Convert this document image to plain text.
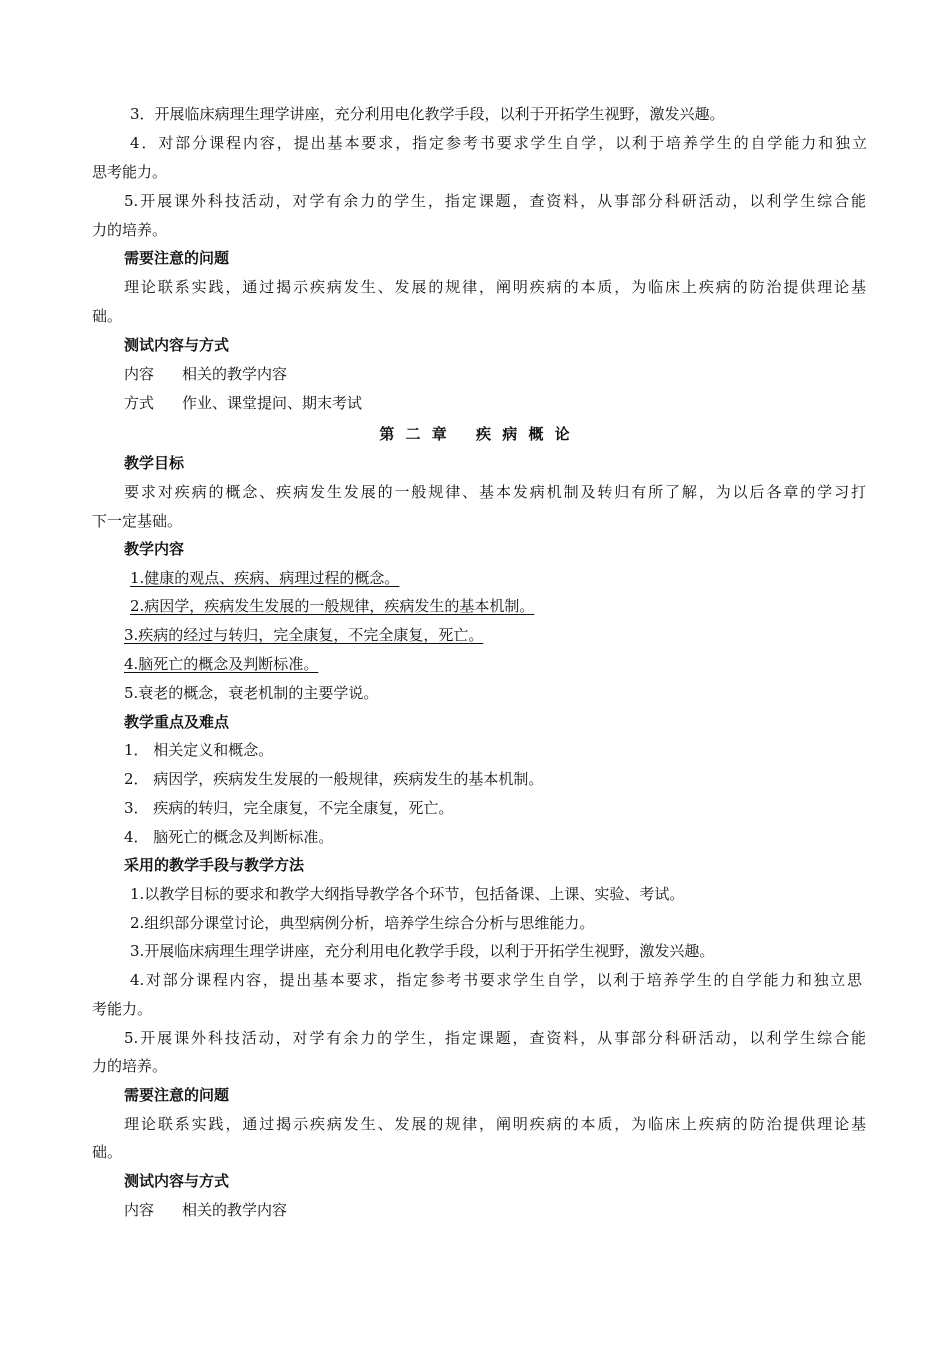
3．开展临床病理生理学讲座，充分利用电化教学手段，以利于开拓学生视野，激发兴趣。
4．对部分课程内容，提出基本要求，指定参考书要求学生自学，以利于培养学生的自学能力和独立
思考能力。
5.开展课外科技活动，对学有余力的学生，指定课题，查资料，从事部分科研活动，以利学生综合能
力的培养。
需要注意的问题
理论联系实践，通过揭示疾病发生、发展的规律，阐明疾病的本质，为临床上疾病的防治提供理论基
础。
测试内容与方式
内容 相关的教学内容
方式 作业、课堂提问、期末考试
第 二 章　 疾 病 概 论
教学目标
要求对疾病的概念、疾病发生发展的一般规律、基本发病机制及转归有所了解，为以后各章的学习打
下一定基础。
教学内容
1.健康的观点、疾病、病理过程的概念。
2.病因学，疾病发生发展的一般规律，疾病发生的基本机制。
3.疾病的经过与转归，完全康复，不完全康复，死亡。
4.脑死亡的概念及判断标准。
5.衰老的概念，衰老机制的主要学说。
教学重点及难点
1． 相关定义和概念。
2． 病因学，疾病发生发展的一般规律，疾病发生的基本机制。
3． 疾病的转归，完全康复，不完全康复，死亡。
4． 脑死亡的概念及判断标准。
采用的教学手段与教学方法
1.以教学目标的要求和教学大纲指导教学各个环节，包括备课、上课、实验、考试。
2.组织部分课堂讨论，典型病例分析，培养学生综合分析与思维能力。
3.开展临床病理生理学讲座，充分利用电化教学手段，以利于开拓学生视野，激发兴趣。
4.对部分课程内容，提出基本要求，指定参考书要求学生自学，以利于培养学生的自学能力和独立思
考能力。
5.开展课外科技活动，对学有余力的学生，指定课题，查资料，从事部分科研活动，以利学生综合能
力的培养。
需要注意的问题
理论联系实践，通过揭示疾病发生、发展的规律，阐明疾病的本质，为临床上疾病的防治提供理论基
础。
测试内容与方式
内容 相关的教学内容
